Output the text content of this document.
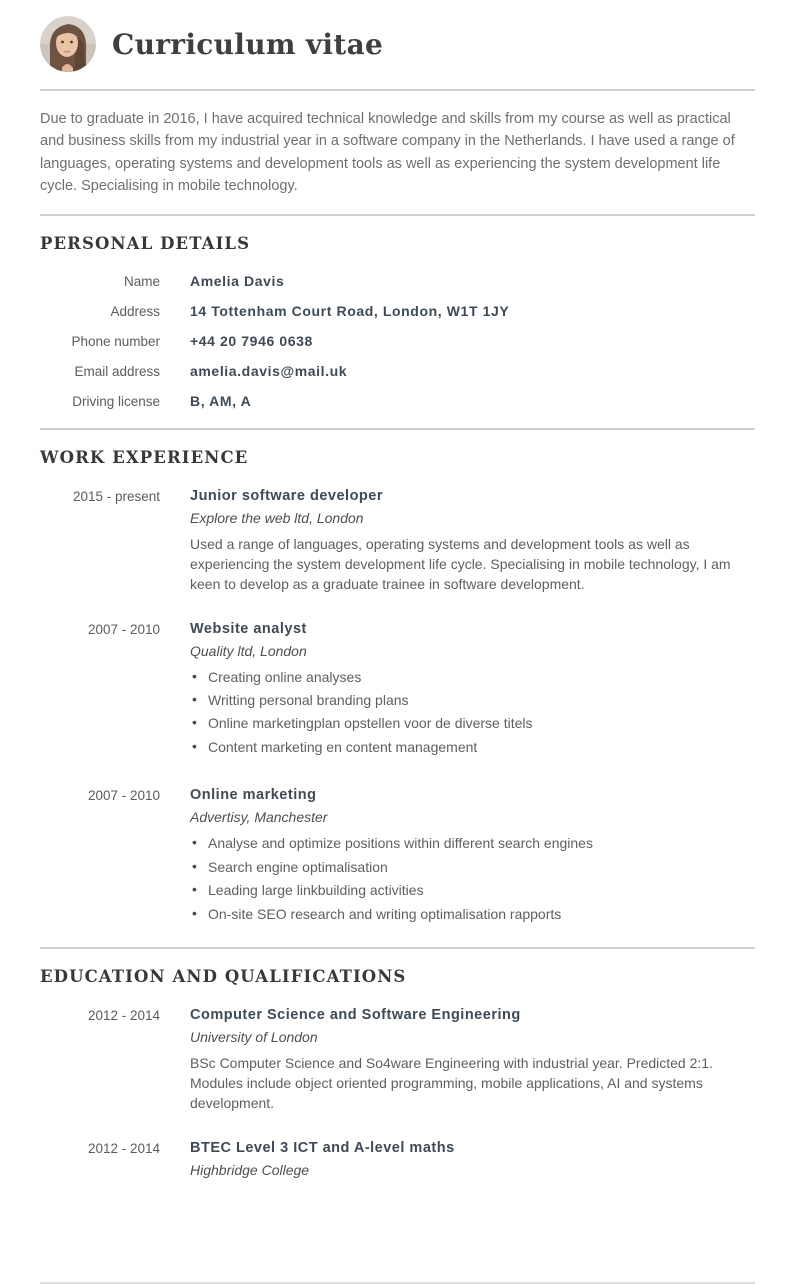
Curriculum vitae

Due to graduate in 2016, I have acquired technical knowledge and skills from my course as well as practical and business skills from my industrial year in a software company in the Netherlands. I have used a range of languages, operating systems and development tools as well as experiencing the system development life cycle. Specialising in mobile technology.

PERSONAL DETAILS
Name Amelia Davis
Address 14 Tottenham Court Road, London, W1T 1JY
Phone number +44 20 7946 0638
Email address amelia.davis@mail.uk
Driving license B, AM, A
WORK EXPERIENCE
2015 - present Junior software developer
Explore the web ltd, London

Used a range of languages, operating systems and development tools as well as experiencing the system development life cycle. Specialising in mobile technology, I am keen to develop as a graduate trainee in software development.

2007 - 2010 Website analyst
Quality ltd, London
• Creating online analyses
• Writting personal branding plans
• Online marketingplan opstellen voor de diverse titels
• Content marketing en content management
2007 - 2010 Online marketing
Advertisy, Manchester
• Analyse and optimize positions within different search engines
• Search engine optimalisation
• Leading large linkbuilding activities
• On-site SEO research and writing optimalisation rapports
EDUCATION AND QUALIFICATIONS
2012 - 2014 Computer Science and Software Engineering
University of London

BSc Computer Science and So4ware Engineering with industrial year. Predicted 2:1. Modules include object oriented programming, mobile applications, AI and systems development.

2012 - 2014 BTEC Level 3 ICT and A-level maths
Highbridge College
